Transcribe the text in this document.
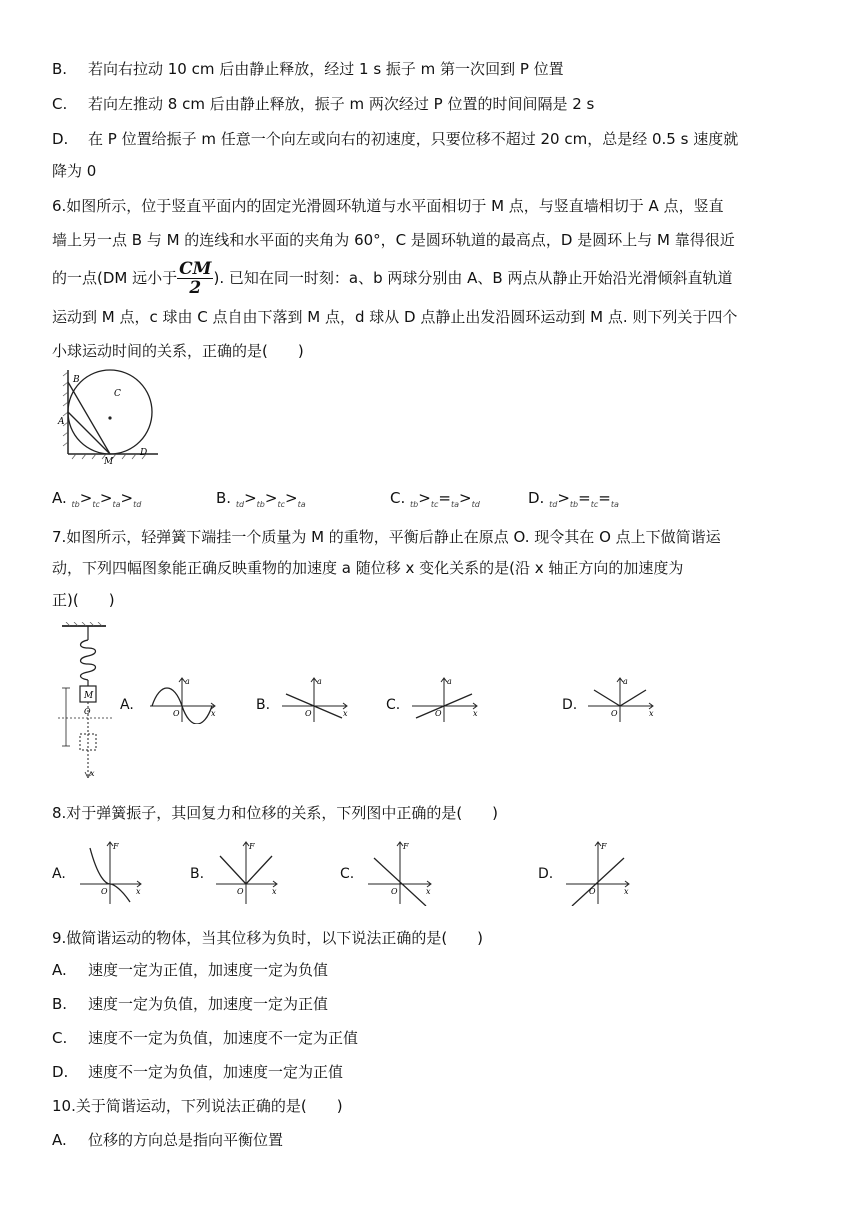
B. 若向右拉动 10 cm 后由静止释放，经过 1 s 振子 m 第一次回到 P 位置
C. 若向左推动 8 cm 后由静止释放，振子 m 两次经过 P 位置的时间间隔是 2 s
D. 在 P 位置给振子 m 任意一个向左或向右的初速度，只要位移不超过 20 cm，总是经 0.5 s 速度就
降为 0
6.如图所示，位于竖直平面内的固定光滑圆环轨道与水平面相切于 M 点，与竖直墙相切于 A 点，竖直
墙上另一点 B 与 M 的连线和水平面的夹角为 60°，C 是圆环轨道的最高点，D 是圆环上与 M 靠得很近
的一点(DM 远小于 $\frac{CM}{2}$ ). 已知在同一时刻：a、b 两球分别由 A、B 两点从静止开始沿光滑倾斜直轨道
运动到 M 点，c 球由 C 点自由下落到 M 点，d 球从 D 点静止出发沿圆环运动到 M 点. 则下列关于四个
小球运动时间的关系，正确的是(　　)
B
C
A
M
D
A. $_{tb}>_{tc}>_{ta}>_{td}$	B. $_{td}>_{tb}>_{tc}>_{ta}$	C. $_{tb}>_{tc}=_{ta}>_{td}$	D. $_{td}>_{tb}=_{tc}=_{ta}$
7.如图所示，轻弹簧下端挂一个质量为 M 的重物，平衡后静止在原点 O. 现令其在 O 点上下做简谐运
动，下列四幅图象能正确反映重物的加速度 a 随位移 x 变化关系的是(沿 x 轴正方向的加速度为
正)(　　)
M
O
x
A.
a
O	x
B.
a
O	x
C.
a
O	x
D.
a
O	x
8.对于弹簧振子，其回复力和位移的关系，下列图中正确的是(　　)
A.
F
O	x
B.
F
O	x
C.
F
O	x
D.
F
O	x
9.做简谐运动的物体，当其位移为负时，以下说法正确的是(　　)
A. 速度一定为正值，加速度一定为负值
B. 速度一定为负值，加速度一定为正值
C. 速度不一定为负值，加速度不一定为正值
D. 速度不一定为负值，加速度一定为正值
10.关于简谐运动，下列说法正确的是(　　)
A. 位移的方向总是指向平衡位置
